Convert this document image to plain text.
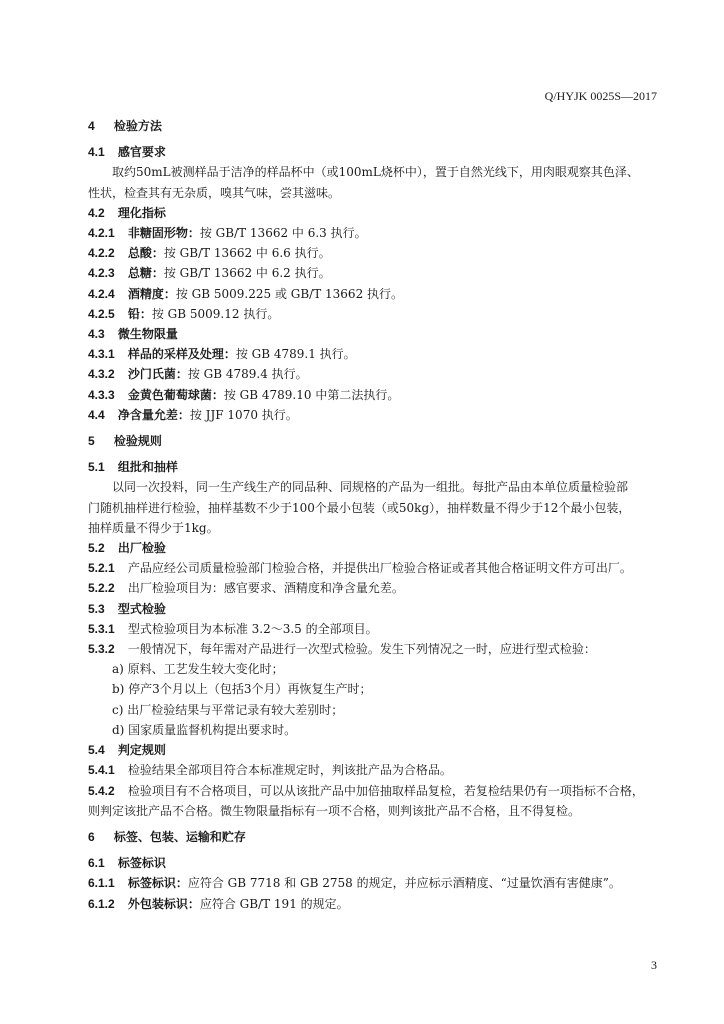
Q/HYJK 0025S—2017
4 检验方法
4.1 感官要求
取约50mL被测样品于洁净的样品杯中（或100mL烧杯中），置于自然光线下，用肉眼观察其色泽、
性状，检查其有无杂质，嗅其气味，尝其滋味。
4.2 理化指标
4.2.1 非糖固形物：按 GB/T 13662 中 6.3 执行。
4.2.2 总酸：按 GB/T 13662 中 6.6 执行。
4.2.3 总糖：按 GB/T 13662 中 6.2 执行。
4.2.4 酒精度：按 GB 5009.225 或 GB/T 13662 执行。
4.2.5 铅：按 GB 5009.12 执行。
4.3 微生物限量
4.3.1 样品的采样及处理：按 GB 4789.1 执行。
4.3.2 沙门氏菌：按 GB 4789.4 执行。
4.3.3 金黄色葡萄球菌：按 GB 4789.10 中第二法执行。
4.4 净含量允差：按 JJF 1070 执行。
5 检验规则
5.1 组批和抽样
以同一次投料，同一生产线生产的同品种、同规格的产品为一组批。每批产品由本单位质量检验部
门随机抽样进行检验，抽样基数不少于100个最小包装（或50kg），抽样数量不得少于12个最小包装，
抽样质量不得少于1kg。
5.2 出厂检验
5.2.1 产品应经公司质量检验部门检验合格，并提供出厂检验合格证或者其他合格证明文件方可出厂。
5.2.2 出厂检验项目为：感官要求、酒精度和净含量允差。
5.3 型式检验
5.3.1 型式检验项目为本标准 3.2～3.5 的全部项目。
5.3.2 一般情况下，每年需对产品进行一次型式检验。发生下列情况之一时，应进行型式检验：
a) 原料、工艺发生较大变化时；
b) 停产3个月以上（包括3个月）再恢复生产时；
c) 出厂检验结果与平常记录有较大差别时；
d) 国家质量监督机构提出要求时。
5.4 判定规则
5.4.1 检验结果全部项目符合本标准规定时，判该批产品为合格品。
5.4.2 检验项目有不合格项目，可以从该批产品中加倍抽取样品复检，若复检结果仍有一项指标不合格，
则判定该批产品不合格。微生物限量指标有一项不合格，则判该批产品不合格，且不得复检。
6 标签、包装、运输和贮存
6.1 标签标识
6.1.1 标签标识：应符合 GB 7718 和 GB 2758 的规定，并应标示酒精度、“过量饮酒有害健康”。
6.1.2 外包装标识：应符合 GB/T 191 的规定。
3
